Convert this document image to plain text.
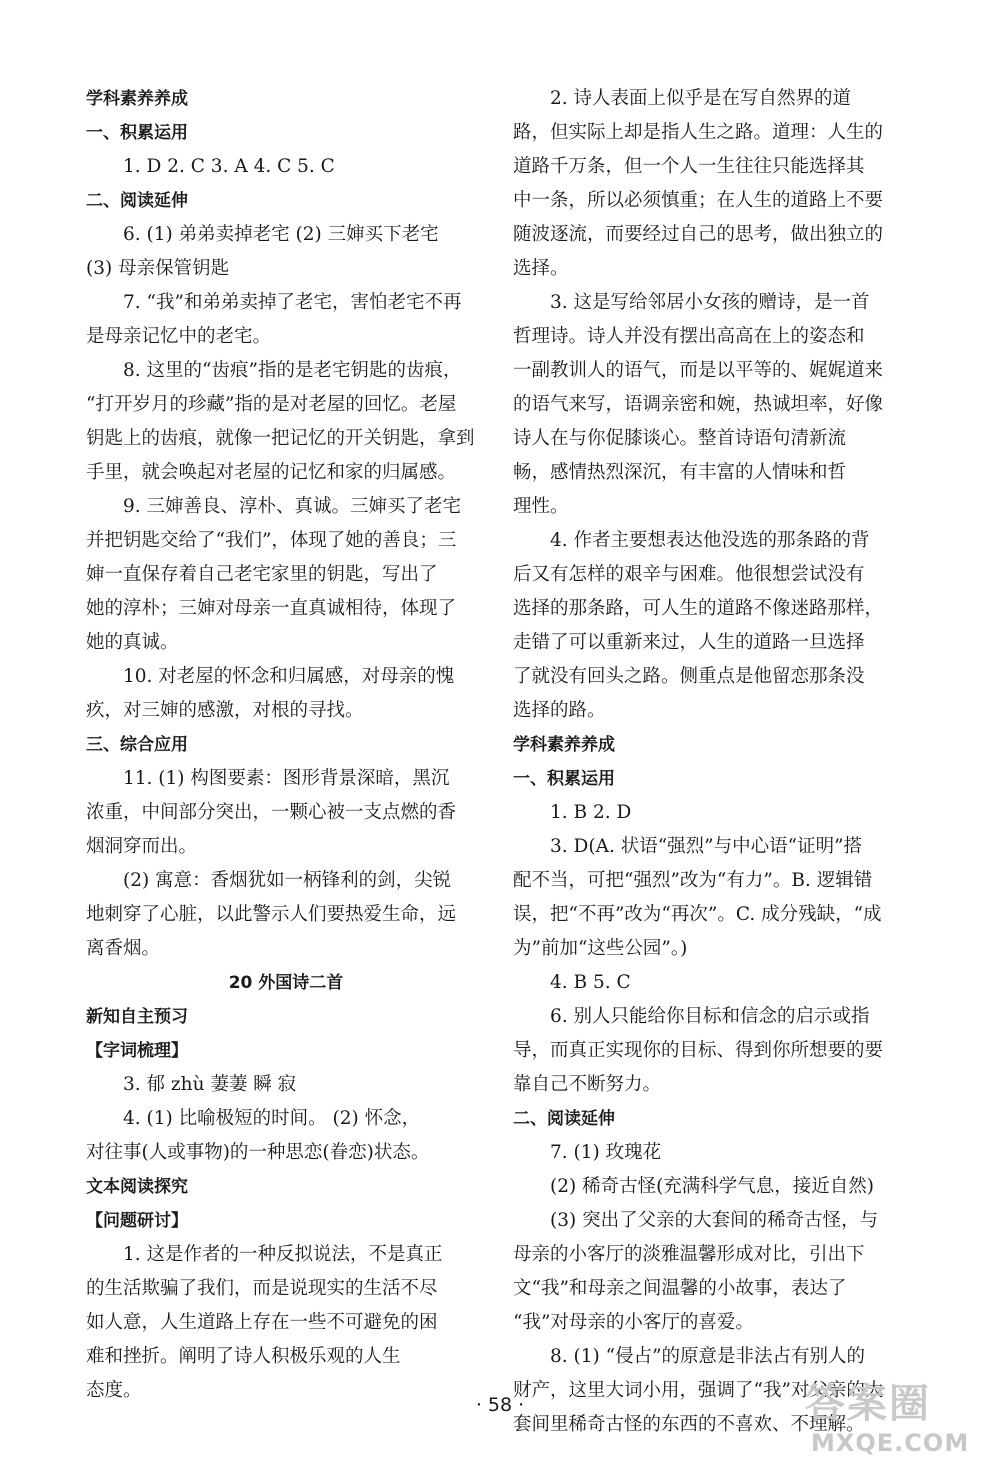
学科素养养成
一、积累运用
1. D 2. C 3. A 4. C 5. C
二、阅读延伸
6. (1) 弟弟卖掉老宅 (2) 三婶买下老宅
(3) 母亲保管钥匙
7. “我”和弟弟卖掉了老宅，害怕老宅不再
是母亲记忆中的老宅。
8. 这里的“齿痕”指的是老宅钥匙的齿痕，
“打开岁月的珍藏”指的是对老屋的回忆。老屋
钥匙上的齿痕，就像一把记忆的开关钥匙，拿到
手里，就会唤起对老屋的记忆和家的归属感。
9. 三婶善良、淳朴、真诚。三婶买了老宅
并把钥匙交给了“我们”，体现了她的善良；三
婶一直保存着自己老宅家里的钥匙，写出了
她的淳朴；三婶对母亲一直真诚相待，体现了
她的真诚。
10. 对老屋的怀念和归属感，对母亲的愧
疚，对三婶的感激，对根的寻找。
三、综合应用
11. (1) 构图要素：图形背景深暗，黑沉
浓重，中间部分突出，一颗心被一支点燃的香
烟洞穿而出。
(2) 寓意：香烟犹如一柄锋利的剑，尖锐
地刺穿了心脏，以此警示人们要热爱生命，远
离香烟。
20 外国诗二首
新知自主预习
【字词梳理】
3. 郁 zhù 萋萋 瞬 寂
4. (1) 比喻极短的时间。 (2) 怀念，
对往事(人或事物)的一种思恋(眷恋)状态。
文本阅读探究
【问题研讨】
1. 这是作者的一种反拟说法，不是真正
的生活欺骗了我们，而是说现实的生活不尽
如人意，人生道路上存在一些不可避免的困
难和挫折。阐明了诗人积极乐观的人生
态度。
2. 诗人表面上似乎是在写自然界的道
路，但实际上却是指人生之路。道理：人生的
道路千万条，但一个人一生往往只能选择其
中一条，所以必须慎重；在人生的道路上不要
随波逐流，而要经过自己的思考，做出独立的
选择。
3. 这是写给邻居小女孩的赠诗，是一首
哲理诗。诗人并没有摆出高高在上的姿态和
一副教训人的语气，而是以平等的、娓娓道来
的语气来写，语调亲密和婉，热诚坦率，好像
诗人在与你促膝谈心。整首诗语句清新流
畅，感情热烈深沉，有丰富的人情味和哲
理性。
4. 作者主要想表达他没选的那条路的背
后又有怎样的艰辛与困难。他很想尝试没有
选择的那条路，可人生的道路不像迷路那样，
走错了可以重新来过，人生的道路一旦选择
了就没有回头之路。侧重点是他留恋那条没
选择的路。
学科素养养成
一、积累运用
1. B 2. D
3. D(A. 状语“强烈”与中心语“证明”搭
配不当，可把“强烈”改为“有力”。B. 逻辑错
误，把“不再”改为“再次”。C. 成分残缺，“成
为”前加“这些公园”。)
4. B 5. C
6. 别人只能给你目标和信念的启示或指
导，而真正实现你的目标、得到你所想要的要
靠自己不断努力。
二、阅读延伸
7. (1) 玫瑰花
(2) 稀奇古怪(充满科学气息，接近自然)
(3) 突出了父亲的大套间的稀奇古怪，与
母亲的小客厅的淡雅温馨形成对比，引出下
文“我”和母亲之间温馨的小故事，表达了
“我”对母亲的小客厅的喜爱。
8. (1) “侵占”的原意是非法占有别人的
财产，这里大词小用，强调了“我”对父亲的大
套间里稀奇古怪的东西的不喜欢、不理解。
· 58 ·	答案圈
MXQE.COM
